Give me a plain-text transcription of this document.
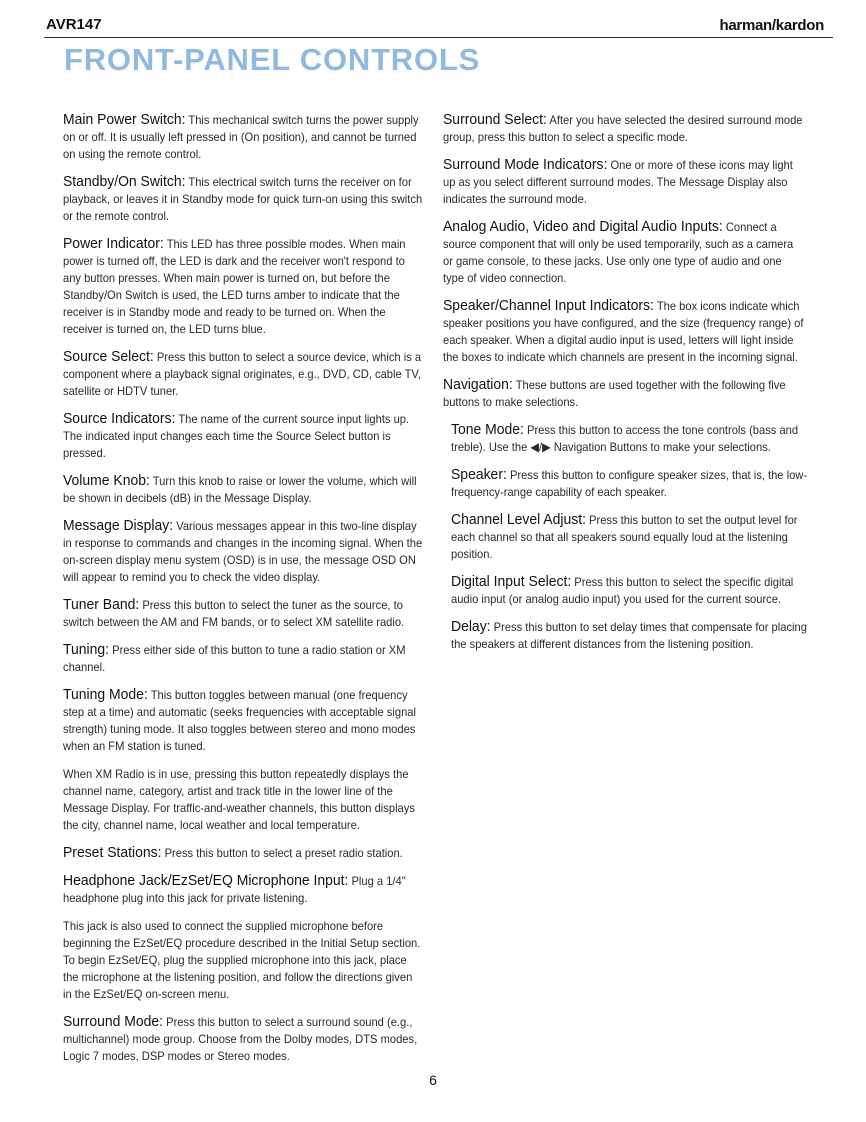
AVR147	harman/kardon
FRONT-PANEL CONTROLS

Main Power Switch: This mechanical switch turns the power supply on or off. It is usually left pressed in (On position), and cannot be turned on using the remote control.

Standby/On Switch: This electrical switch turns the receiver on for playback, or leaves it in Standby mode for quick turn-on using this switch or the remote control.

Power Indicator: This LED has three possible modes. When main power is turned off, the LED is dark and the receiver won't respond to any button presses. When main power is turned on, but before the Standby/On Switch is used, the LED turns amber to indicate that the receiver is in Standby mode and ready to be turned on. When the receiver is turned on, the LED turns blue.

Source Select: Press this button to select a source device, which is a component where a playback signal originates, e.g., DVD, CD, cable TV, satellite or HDTV tuner.

Source Indicators: The name of the current source input lights up. The indicated input changes each time the Source Select button is pressed.

Volume Knob: Turn this knob to raise or lower the volume, which will be shown in decibels (dB) in the Message Display.

Message Display: Various messages appear in this two-line display in response to commands and changes in the incoming signal. When the on-screen display menu system (OSD) is in use, the message OSD ON will appear to remind you to check the video display.

Tuner Band: Press this button to select the tuner as the source, to switch between the AM and FM bands, or to select XM satellite radio.

Tuning: Press either side of this button to tune a radio station or XM channel.

Tuning Mode: This button toggles between manual (one frequency step at a time) and automatic (seeks frequencies with acceptable signal strength) tuning mode. It also toggles between stereo and mono modes when an FM station is tuned.

When XM Radio is in use, pressing this button repeatedly displays the channel name, category, artist and track title in the lower line of the Message Display. For traffic-and-weather channels, this button displays the city, channel name, local weather and local temperature.

Preset Stations: Press this button to select a preset radio station.

Headphone Jack/EzSet/EQ Microphone Input: Plug a 1/4" headphone plug into this jack for private listening.

This jack is also used to connect the supplied microphone before beginning the EzSet/EQ procedure described in the Initial Setup section. To begin EzSet/EQ, plug the supplied microphone into this jack, place the microphone at the listening position, and follow the directions given in the EzSet/EQ on-screen menu.

Surround Mode: Press this button to select a surround sound (e.g., multichannel) mode group. Choose from the Dolby modes, DTS modes, Logic 7 modes, DSP modes or Stereo modes.

Surround Select: After you have selected the desired surround mode group, press this button to select a specific mode.

Surround Mode Indicators: One or more of these icons may light up as you select different surround modes. The Message Display also indicates the surround mode.

Analog Audio, Video and Digital Audio Inputs: Connect a source component that will only be used temporarily, such as a camera or game console, to these jacks. Use only one type of audio and one type of video connection.

Speaker/Channel Input Indicators: The box icons indicate which speaker positions you have configured, and the size (frequency range) of each speaker. When a digital audio input is used, letters will light inside the boxes to indicate which channels are present in the incoming signal.

Navigation: These buttons are used together with the following five buttons to make selections.

Tone Mode: Press this button to access the tone controls (bass and treble). Use the ◀/▶ Navigation Buttons to make your selections.

Speaker: Press this button to configure speaker sizes, that is, the low-frequency-range capability of each speaker.

Channel Level Adjust: Press this button to set the output level for each channel so that all speakers sound equally loud at the listening position.

Digital Input Select: Press this button to select the specific digital audio input (or analog audio input) you used for the current source.

Delay: Press this button to set delay times that compensate for placing the speakers at different distances from the listening position.

6
